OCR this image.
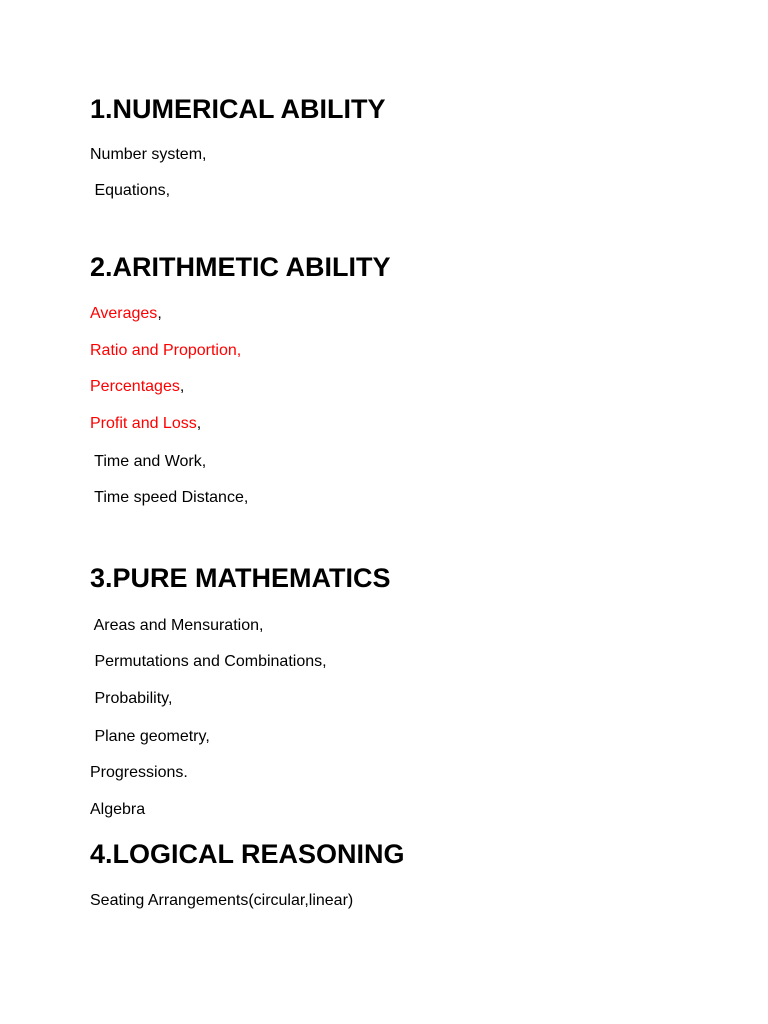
1.NUMERICAL ABILITY
Number system,
Equations,
2.ARITHMETIC ABILITY
Averages,
Ratio and Proportion,
Percentages,
Profit and Loss,
Time and Work,
Time speed Distance,
3.PURE MATHEMATICS
Areas and Mensuration,
Permutations and Combinations,
Probability,
Plane geometry,
Progressions.
Algebra
4.LOGICAL REASONING
Seating Arrangements(circular,linear)
